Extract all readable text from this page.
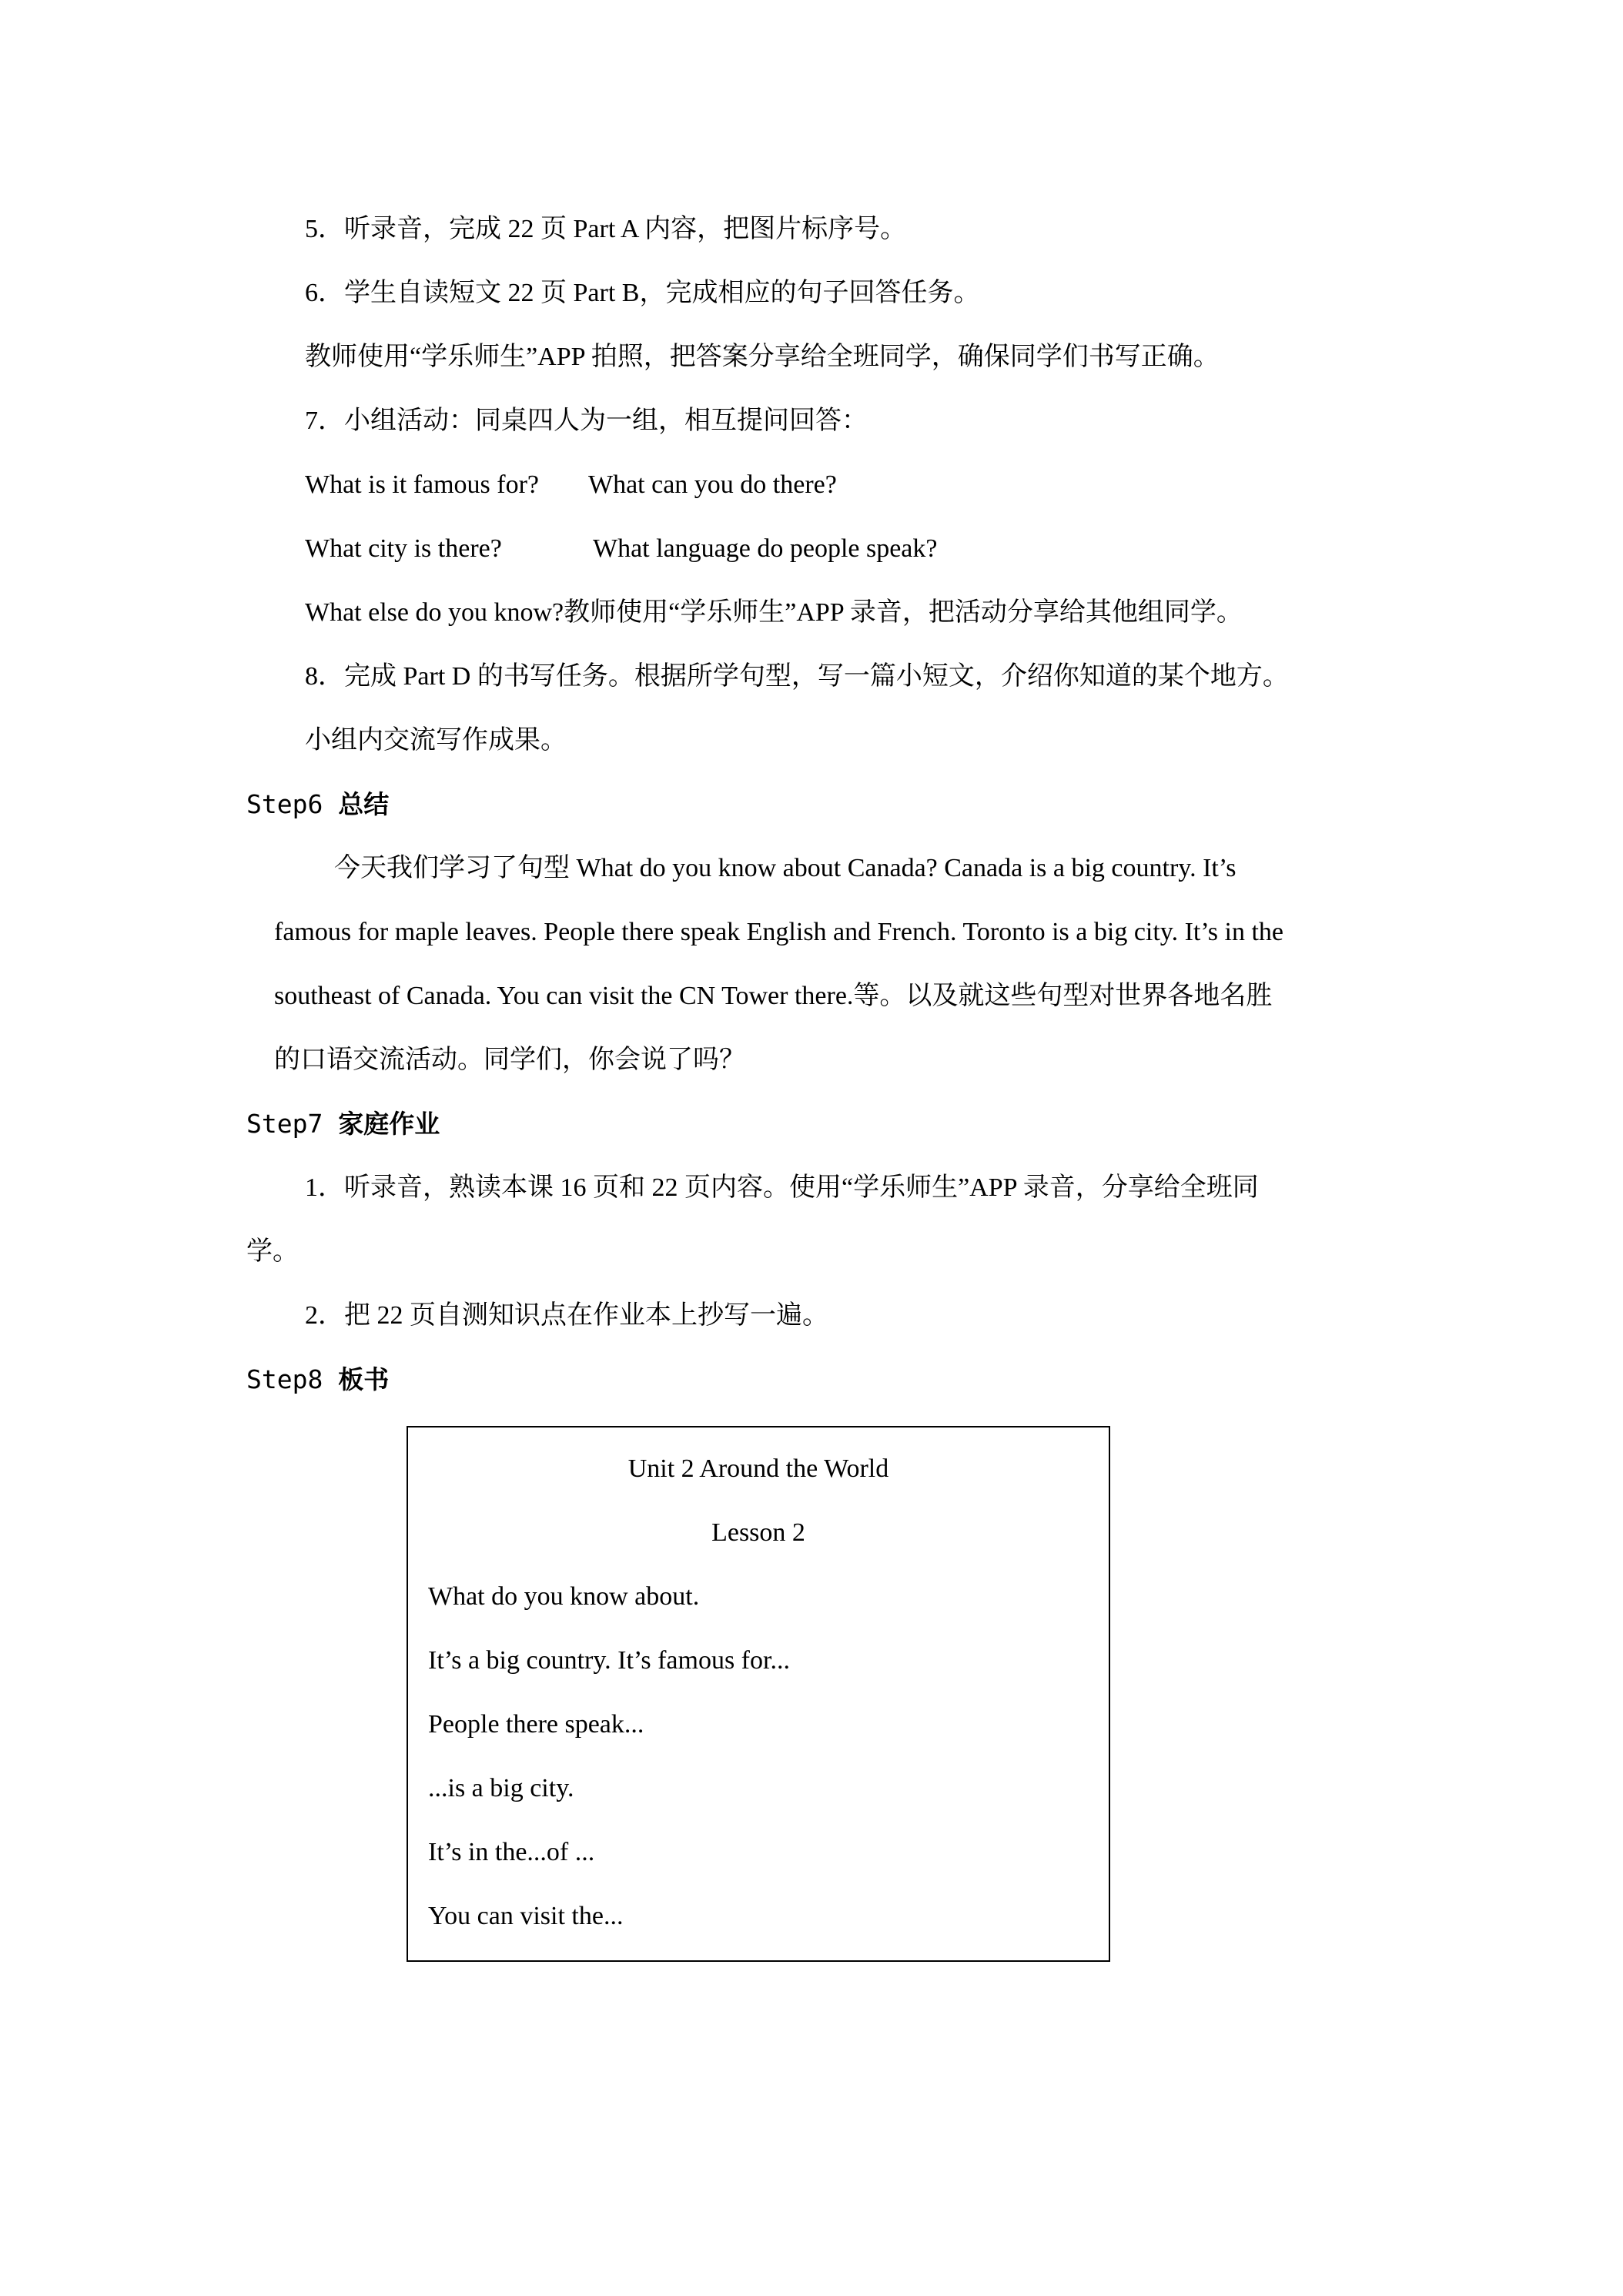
5．听录音，完成 22 页 Part A 内容，把图片标序号。
6．学生自读短文 22 页 Part B，完成相应的句子回答任务。
教师使用“学乐师生”APP 拍照，把答案分享给全班同学，确保同学们书写正确。
7．小组活动：同桌四人为一组，相互提问回答：
What is it famous for? What can you do there?
What city is there?	What language do people speak?
What else do you know?教师使用“学乐师生”APP 录音，把活动分享给其他组同学。
8．完成 Part D 的书写任务。根据所学句型，写一篇小短文，介绍你知道的某个地方。
小组内交流写作成果。
Step6 总结
今天我们学习了句型 What do you know about Canada? Canada is a big country. It’s
famous for maple leaves. People there speak English and French. Toronto is a big city. It’s in the
southeast of Canada. You can visit the CN Tower there.等。以及就这些句型对世界各地名胜
的口语交流活动。同学们，你会说了吗？
Step7 家庭作业
1．听录音，熟读本课 16 页和 22 页内容。使用“学乐师生”APP 录音，分享给全班同
学。
2．把 22 页自测知识点在作业本上抄写一遍。
Step8 板书
Unit 2 Around the World
Lesson 2
What do you know about.
It’s a big country. It’s famous for...
People there speak...
...is a big city.
It’s in the...of ...
You can visit the...
